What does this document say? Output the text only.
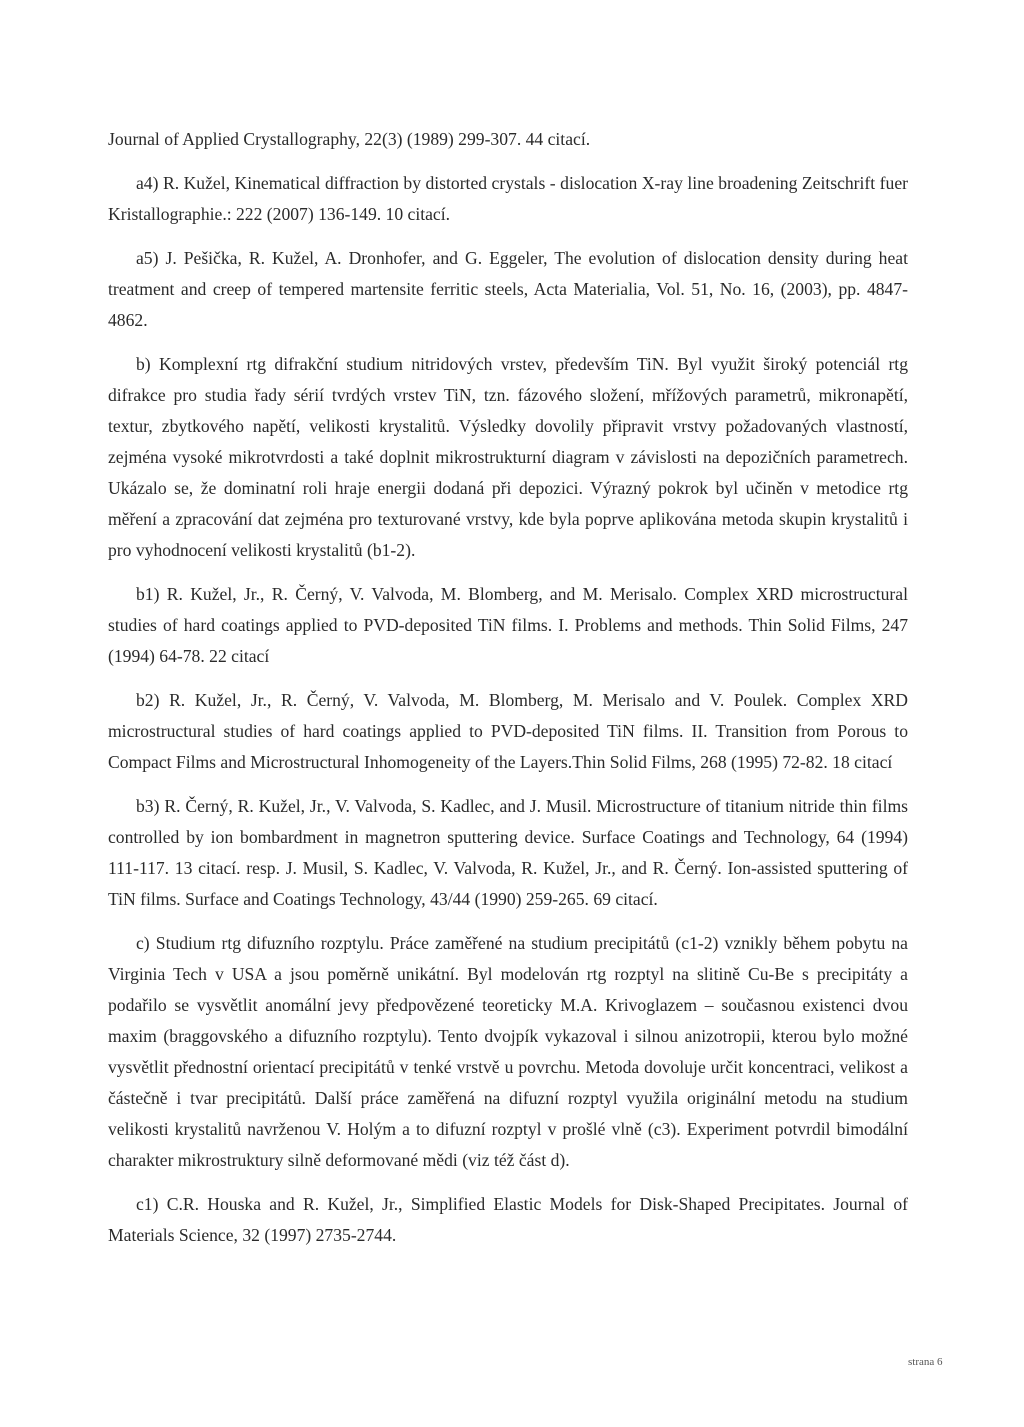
Journal of Applied Crystallography, 22(3) (1989) 299-307. 44 citací.

a4) R. Kužel, Kinematical diffraction by distorted crystals - dislocation X-ray line broadening Zeitschrift fuer Kristallographie.: 222 (2007) 136-149. 10 citací.

a5) J. Pešička, R. Kužel, A. Dronhofer, and G. Eggeler, The evolution of dislocation density during heat treatment and creep of tempered martensite ferritic steels, Acta Materialia, Vol. 51, No. 16, (2003), pp. 4847-4862.

b) Komplexní rtg difrakční studium nitridových vrstev, především TiN. Byl využit široký potenciál rtg difrakce pro studia řady sérií tvrdých vrstev TiN, tzn. fázového složení, mřížových parametrů, mikronapětí, textur, zbytkového napětí, velikosti krystalitů. Výsledky dovolily připravit vrstvy požadovaných vlastností, zejména vysoké mikrotvrdosti a také doplnit mikrostrukturní diagram v závislosti na depozičních parametrech. Ukázalo se, že dominatní roli hraje energii dodaná při depozici. Výrazný pokrok byl učiněn v metodice rtg měření a zpracování dat zejména pro texturované vrstvy, kde byla poprve aplikována metoda skupin krystalitů i pro vyhodnocení velikosti krystalitů (b1-2).

b1) R. Kužel, Jr., R. Černý, V. Valvoda, M. Blomberg, and M. Merisalo. Complex XRD microstructural studies of hard coatings applied to PVD-deposited TiN films. I. Problems and methods. Thin Solid Films, 247 (1994) 64-78. 22 citací

b2) R. Kužel, Jr., R. Černý, V. Valvoda, M. Blomberg, M. Merisalo and V. Poulek. Complex XRD microstructural studies of hard coatings applied to PVD-deposited TiN films. II. Transition from Porous to Compact Films and Microstructural Inhomogeneity of the Layers.Thin Solid Films, 268 (1995) 72-82. 18 citací

b3) R. Černý, R. Kužel, Jr., V. Valvoda, S. Kadlec, and J. Musil. Microstructure of titanium nitride thin films controlled by ion bombardment in magnetron sputtering device. Surface Coatings and Technology, 64 (1994) 111-117. 13 citací. resp. J. Musil, S. Kadlec, V. Valvoda, R. Kužel, Jr., and R. Černý. Ion-assisted sputtering of TiN films. Surface and Coatings Technology, 43/44 (1990) 259-265. 69 citací.

c) Studium rtg difuzního rozptylu. Práce zaměřené na studium precipitátů (c1-2) vznikly během pobytu na Virginia Tech v USA a jsou poměrně unikátní. Byl modelován rtg rozptyl na slitině Cu-Be s precipitáty a podařilo se vysvětlit anomální jevy předpovězené teoreticky M.A. Krivoglazem – současnou existenci dvou maxim (braggovského a difuzního rozptylu). Tento dvojpík vykazoval i silnou anizotropii, kterou bylo možné vysvětlit přednostní orientací precipitátů v tenké vrstvě u povrchu. Metoda dovoluje určit koncentraci, velikost a částečně i tvar precipitátů. Další práce zaměřená na difuzní rozptyl využila originální metodu na studium velikosti krystalitů navrženou V. Holým a to difuzní rozptyl v prošlé vlně (c3). Experiment potvrdil bimodální charakter mikrostruktury silně deformované mědi (viz též část d).

c1) C.R. Houska and R. Kužel, Jr., Simplified Elastic Models for Disk-Shaped Precipitates. Journal of Materials Science, 32 (1997) 2735-2744.

strana 6
